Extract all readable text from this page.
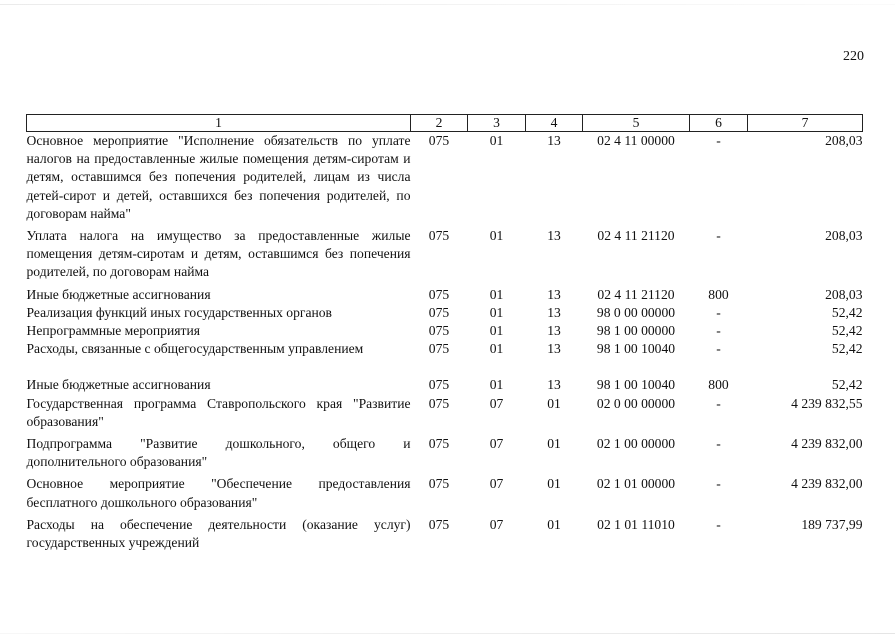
220
1	2	3	4	5	6	7
Основное мероприятие "Исполнение обязательств по уплате налогов на предоставленные жилые помещения детям-сиротам и детям, оставшимся без попечения родителей, лицам из числа детей-сирот и детей, оставшихся без попечения родителей, по договорам найма"	075	01	13	02 4 11 00000	-	208,03

Уплата налога на имущество за предоставленные жилые помещения детям-сиротам и детям, оставшимся без попечения родителей, по договорам найма	075	01	13	02 4 11 21120	-	208,03

Иные бюджетные ассигнования	075	01	13	02 4 11 21120	800	208,03
Реализация функций иных государственных органов	075	01	13	98 0 00 00000	-	52,42
Непрограммные мероприятия	075	01	13	98 1 00 00000	-	52,42
Расходы, связанные с общегосударственным управлением	075	01	13	98 1 00 10040	-	52,42

Иные бюджетные ассигнования	075	01	13	98 1 00 10040	800	52,42
Государственная программа Ставропольского края "Развитие образования"	075	07	01	02 0 00 00000	-	4 239 832,55

Подпрограмма "Развитие дошкольного, общего и дополнительного образования"	075	07	01	02 1 00 00000	-	4 239 832,00

Основное мероприятие "Обеспечение предоставления бесплатного дошкольного образования"	075	07	01	02 1 01 00000	-	4 239 832,00

Расходы на обеспечение деятельности (оказание услуг) государственных учреждений	075	07	01	02 1 01 11010	-	189 737,99
